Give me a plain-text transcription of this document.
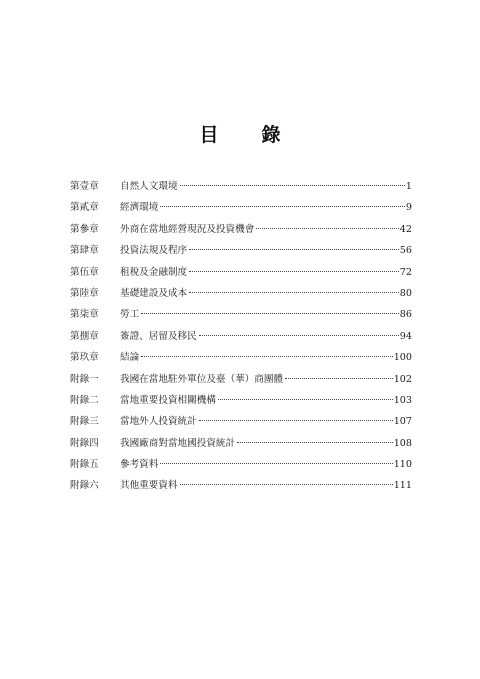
目　錄
第壹章	自然人文環境	1
第貳章	經濟環境	9
第參章	外商在當地經營現況及投資機會	42
第肆章	投資法規及程序	56
第伍章	租稅及金融制度	72
第陸章	基礎建設及成本	80
第柒章	勞工	86
第捌章	簽證、居留及移民	94
第玖章	結論	100
附錄一	我國在當地駐外單位及臺（華）商團體	102
附錄二	當地重要投資相關機構	103
附錄三	當地外人投資統計	107
附錄四	我國廠商對當地國投資統計	108
附錄五	參考資料	110
附錄六	其他重要資料	111
